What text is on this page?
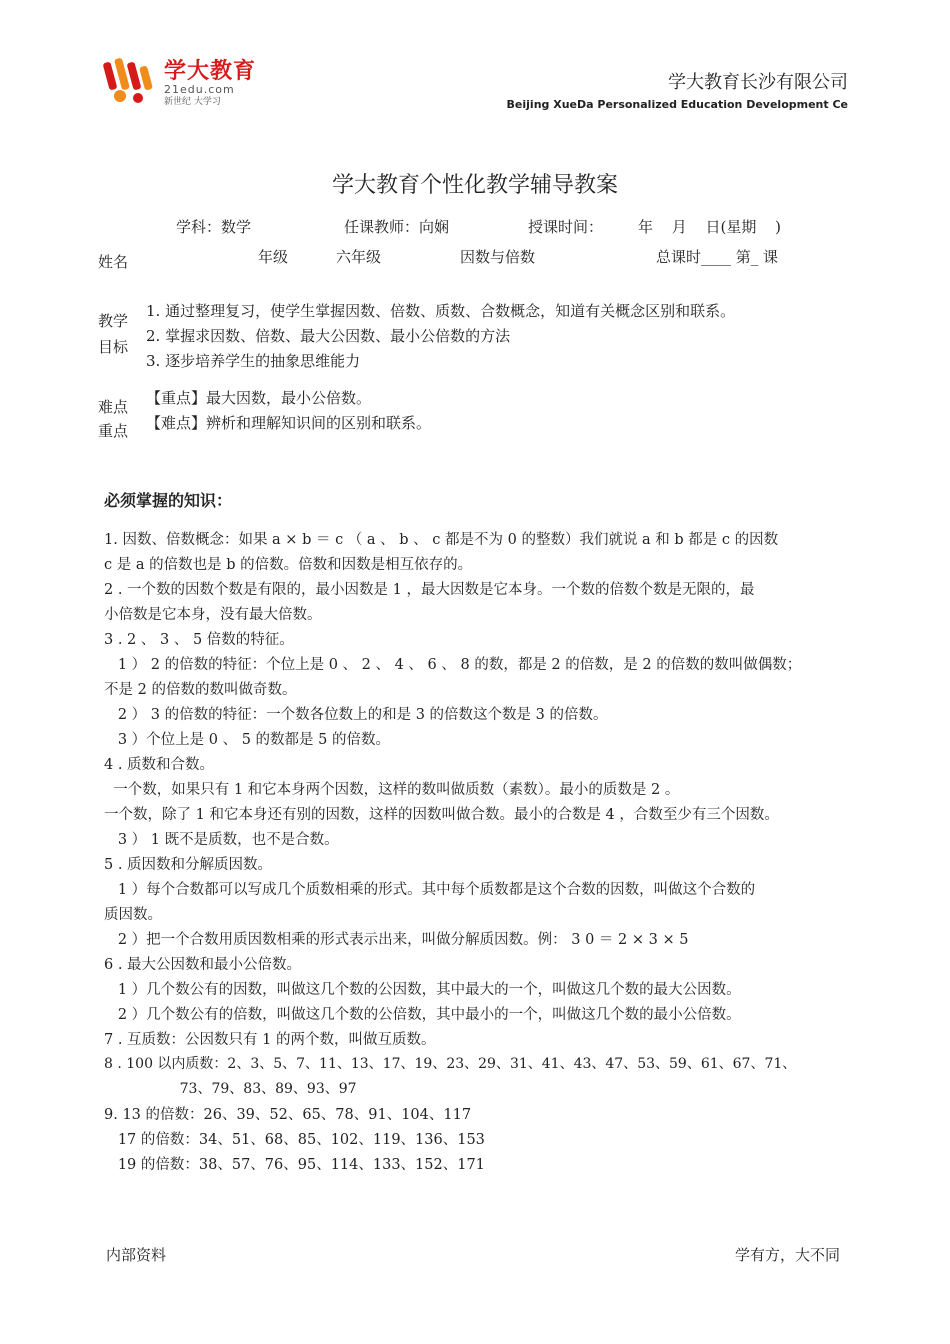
学大教育
21edu.com
新世纪 大学习
学大教育长沙有限公司
Beijing XueDa Personalized Education Development Ce
学大教育个性化教学辅导教案
学科：数学	任课教师：向娴	授课时间： 年 月 日(星期 )
姓名	年级	六年级	因数与倍数	总课时____ 第_ 课
教学
目标
1. 通过整理复习，使学生掌握因数、倍数、质数、合数概念，知道有关概念区别和联系。
2. 掌握求因数、倍数、最大公因数、最小公倍数的方法
3. 逐步培养学生的抽象思维能力
难点
重点
【重点】最大因数，最小公倍数。
【难点】辨析和理解知识间的区别和联系。
必须掌握的知识：
1. 因数、倍数概念：如果 a × b ＝ c （ a 、 b 、 c 都是不为 0 的整数）我们就说 a 和 b 都是 c 的因数
c 是 a 的倍数也是 b 的倍数。倍数和因数是相互依存的。
2 . 一个数的因数个数是有限的，最小因数是 1 ，最大因数是它本身。一个数的倍数个数是无限的，最
小倍数是它本身，没有最大倍数。
3 . 2 、 3 、 5 倍数的特征。
1 ） 2 的倍数的特征：个位上是 0 、 2 、 4 、 6 、 8 的数，都是 2 的倍数，是 2 的倍数的数叫做偶数；
不是 2 的倍数的数叫做奇数。
2 ） 3 的倍数的特征：一个数各位数上的和是 3 的倍数这个数是 3 的倍数。
3 ）个位上是 0 、 5 的数都是 5 的倍数。
4 . 质数和合数。
一个数，如果只有 1 和它本身两个因数，这样的数叫做质数（素数）。最小的质数是 2 。
一个数，除了 1 和它本身还有别的因数，这样的因数叫做合数。最小的合数是 4 ，合数至少有三个因数。
3 ） 1 既不是质数，也不是合数。
5 . 质因数和分解质因数。
1 ）每个合数都可以写成几个质数相乘的形式。其中每个质数都是这个合数的因数，叫做这个合数的
质因数。
2 ）把一个合数用质因数相乘的形式表示出来，叫做分解质因数。例： 3 0 ＝ 2 × 3 × 5
6 . 最大公因数和最小公倍数。
1 ）几个数公有的因数，叫做这几个数的公因数，其中最大的一个，叫做这几个数的最大公因数。
2 ）几个数公有的倍数，叫做这几个数的公倍数，其中最小的一个，叫做这几个数的最小公倍数。
7 . 互质数：公因数只有 1 的两个数，叫做互质数。
8 . 100 以内质数：2、3、5、7、11、13、17、19、23、29、31、41、43、47、53、59、61、67、71、
73、79、83、89、93、97
9. 13 的倍数：26、39、52、65、78、91、104、117
17 的倍数：34、51、68、85、102、119、136、153
19 的倍数：38、57、76、95、114、133、152、171
内部资料	学有方，大不同
